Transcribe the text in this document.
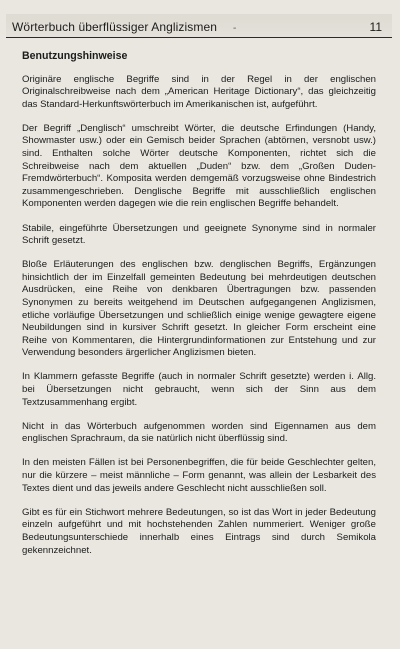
Wörterbuch überflüssiger Anglizismen -	11
Benutzungshinweise

Originäre englische Begriffe sind in der Regel in der englischen Originalschreibweise nach dem „American Heritage Dictionary“, das gleichzeitig das Standard-Herkunftswörterbuch im Amerikanischen ist, aufgeführt.

Der Begriff „Denglisch“ umschreibt Wörter, die deutsche Erfindungen (Handy, Showmaster usw.) oder ein Gemisch beider Sprachen (abtörnen, versnobt usw.) sind. Enthalten solche Wörter deutsche Komponenten, richtet sich die Schreibweise nach dem aktuellen „Duden“ bzw. dem „Großen Duden-Fremdwörterbuch“. Komposita werden demgemäß vorzugsweise ohne Bindestrich zusammengeschrieben. Denglische Begriffe mit ausschließlich englischen Komponenten werden dagegen wie die rein englischen Begriffe behandelt.

Stabile, eingeführte Übersetzungen und geeignete Synonyme sind in normaler Schrift gesetzt.

Bloße Erläuterungen des englischen bzw. denglischen Begriffs, Ergänzungen hinsichtlich der im Einzelfall gemeinten Bedeutung bei mehrdeutigen deutschen Ausdrücken, eine Reihe von denkbaren Übertragungen bzw. passenden Synonymen zu bereits weitgehend im Deutschen aufgegangenen Anglizismen, etliche vorläufige Übersetzungen und schließlich einige wenige gewagtere eigene Neubildungen sind in kursiver Schrift gesetzt. In gleicher Form erscheint eine Reihe von Kommentaren, die Hintergrundinformationen zur Entstehung und zur Verwendung besonders ärgerlicher Anglizismen bieten.

In Klammern gefasste Begriffe (auch in normaler Schrift gesetzte) werden i. Allg. bei Übersetzungen nicht gebraucht, wenn sich der Sinn aus dem Textzusammenhang ergibt.

Nicht in das Wörterbuch aufgenommen worden sind Eigennamen aus dem englischen Sprachraum, da sie natürlich nicht überflüssig sind.

In den meisten Fällen ist bei Personenbegriffen, die für beide Geschlechter gelten, nur die kürzere – meist männliche – Form genannt, was allein der Lesbarkeit des Textes dient und das jeweils andere Geschlecht nicht ausschließen soll.

Gibt es für ein Stichwort mehrere Bedeutungen, so ist das Wort in jeder Bedeutung einzeln aufgeführt und mit hochstehenden Zahlen nummeriert. Weniger große Bedeutungsunterschiede innerhalb eines Eintrags sind durch Semikola gekennzeichnet.
